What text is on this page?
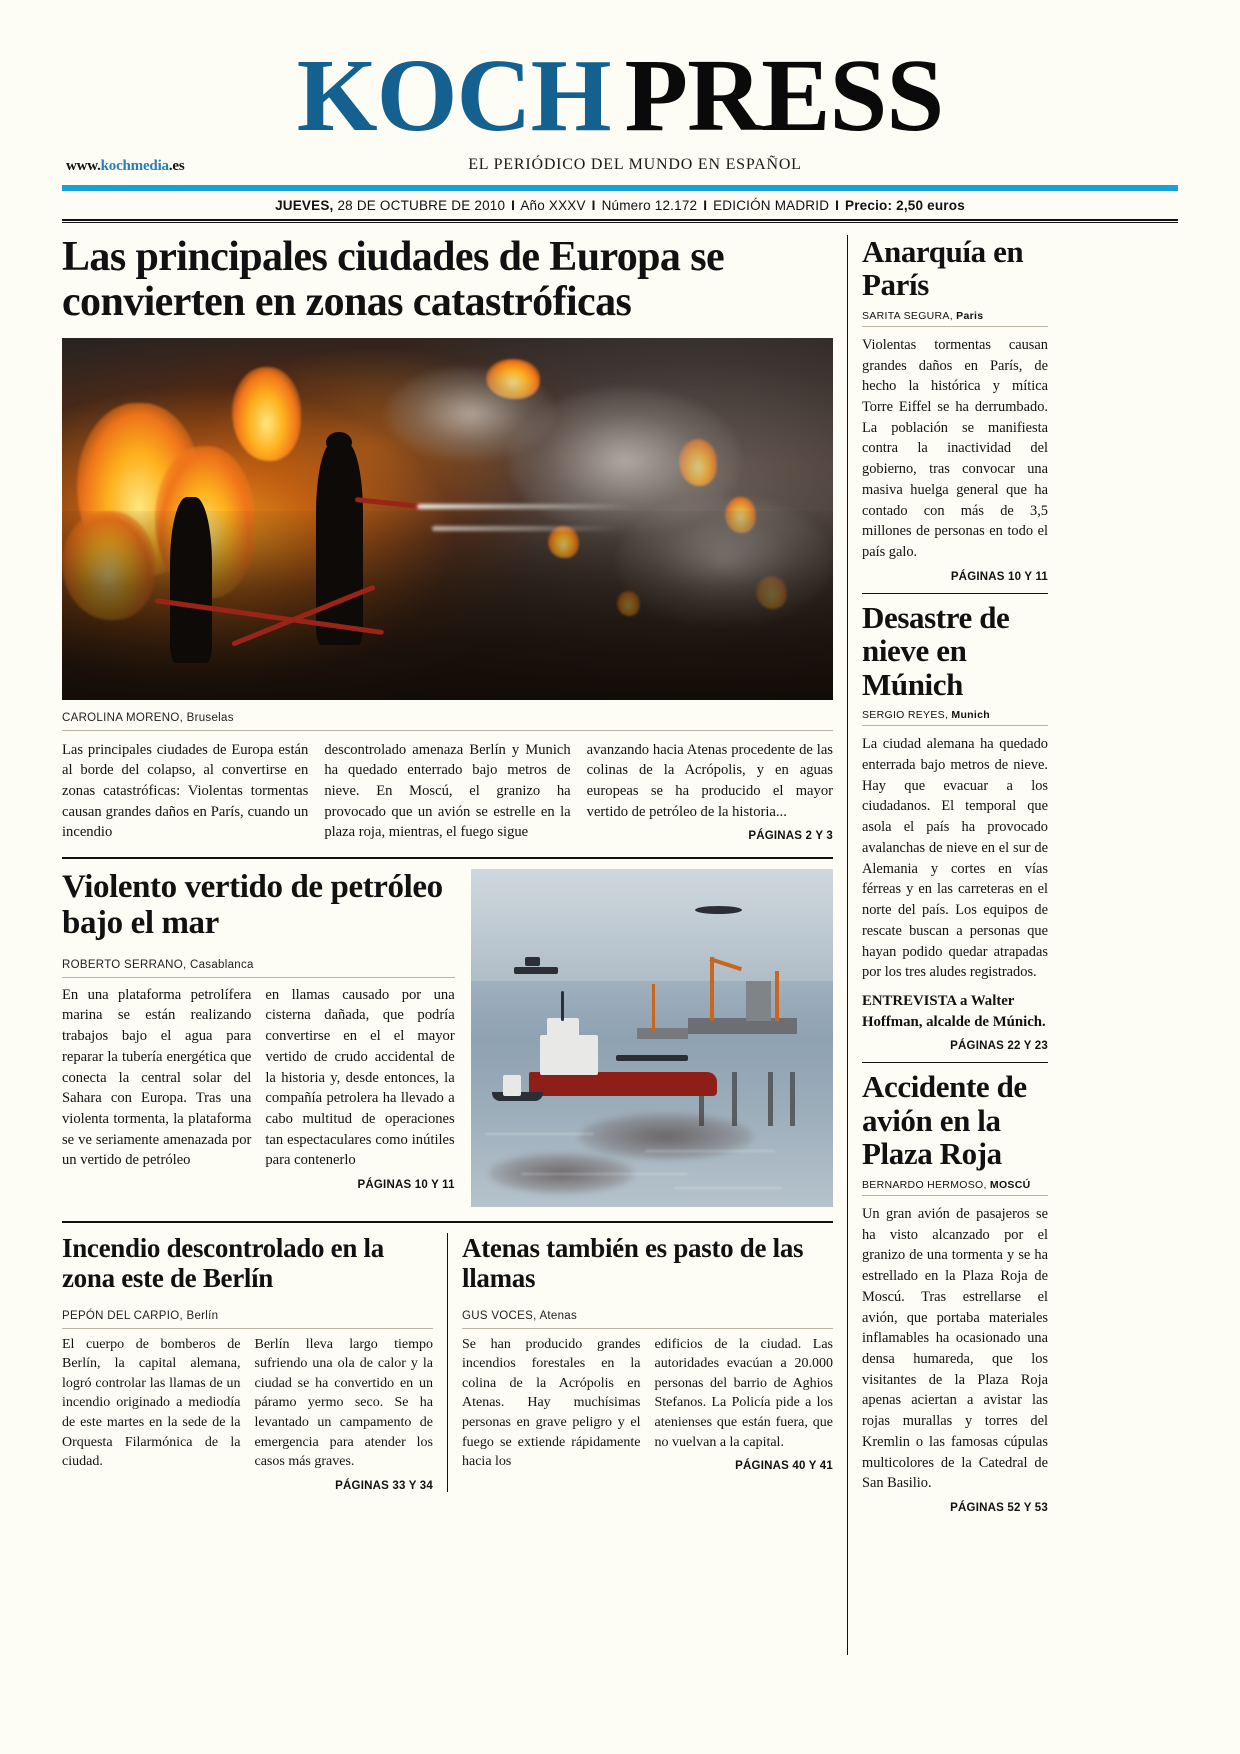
KOCH PRESS
www.kochmedia.es	EL PERIÓDICO DEL MUNDO EN ESPAÑOL
JUEVES, 28 DE OCTUBRE DE 2010 I Año XXXV I Número 12.172 I EDICIÓN MADRID I Precio: 2,50 euros
Las principales ciudades de Europa se convierten en zonas catastróficas
CAROLINA MORENO, Bruselas

Las principales ciudades de Europa están al borde del colapso, al convertirse en zonas catastróficas: Violentas tormentas causan grandes daños en París, cuando un incendio

descontrolado amenaza Berlín y Munich ha quedado enterrado bajo metros de nieve. En Moscú, el granizo ha provocado que un avión se estrelle en la plaza roja, mientras, el fuego sigue

avanzando hacia Atenas procedente de las colinas de la Acrópolis, y en aguas europeas se ha producido el mayor vertido de petróleo de la historia...

PÁGINAS 2 Y 3
Violento vertido de petróleo bajo el mar
ROBERTO SERRANO, Casablanca

En una plataforma petrolífera marina se están realizando trabajos bajo el agua para reparar la tubería energética que conecta la central solar del Sahara con Europa. Tras una violenta tormenta, la plataforma se ve seriamente amenazada por un vertido de petróleo

en llamas causado por una cisterna dañada, que podría convertirse en el el mayor vertido de crudo accidental de la historia y, desde entonces, la compañía petrolera ha llevado a cabo multitud de operaciones tan espectaculares como inútiles para contenerlo

PÁGINAS 10 Y 11
Incendio descontrolado en la zona este de Berlín
PEPÓN DEL CARPIO, Berlín

El cuerpo de bomberos de Berlín, la capital alemana, logró controlar las llamas de un incendio originado a mediodía de este martes en la sede de la Orquesta Filarmónica de la ciudad.

Berlín lleva largo tiempo sufriendo una ola de calor y la ciudad se ha convertido en un páramo yermo seco. Se ha levantado un campamento de emergencia para atender los casos más graves.

PÁGINAS 33 Y 34
Atenas también es pasto de las llamas
GUS VOCES, Atenas

Se han producido grandes incendios forestales en la colina de la Acrópolis en Atenas. Hay muchísimas personas en grave peligro y el fuego se extiende rápidamente hacia los

edificios de la ciudad. Las autoridades evacúan a 20.000 personas del barrio de Aghios Stefanos. La Policía pide a los atenienses que están fuera, que no vuelvan a la capital.

PÁGINAS 40 Y 41
Anarquía en París
SARITA SEGURA, Paris

Violentas tormentas causan grandes daños en París, de hecho la histórica y mítica Torre Eiffel se ha derrumbado. La población se manifiesta contra la inactividad del gobierno, tras convocar una masiva huelga general que ha contado con más de 3,5 millones de personas en todo el país galo.

PÁGINAS 10 Y 11
Desastre de nieve en Múnich
SERGIO REYES, Munich

La ciudad alemana ha quedado enterrada bajo metros de nieve. Hay que evacuar a los ciudadanos. El temporal que asola el país ha provocado avalanchas de nieve en el sur de Alemania y cortes en vías férreas y en las carreteras en el norte del país. Los equipos de rescate buscan a personas que hayan podido quedar atrapadas por los tres aludes registrados.

ENTREVISTA a Walter Hoffman, alcalde de Múnich.

PÁGINAS 22 Y 23
Accidente de avión en la Plaza Roja
BERNARDO HERMOSO, MOSCÚ

Un gran avión de pasajeros se ha visto alcanzado por el granizo de una tormenta y se ha estrellado en la Plaza Roja de Moscú. Tras estrellarse el avión, que portaba materiales inflamables ha ocasionado una densa humareda, que los visitantes de la Plaza Roja apenas aciertan a avistar las rojas murallas y torres del Kremlin o las famosas cúpulas multicolores de la Catedral de San Basilio.

PÁGINAS 52 Y 53
